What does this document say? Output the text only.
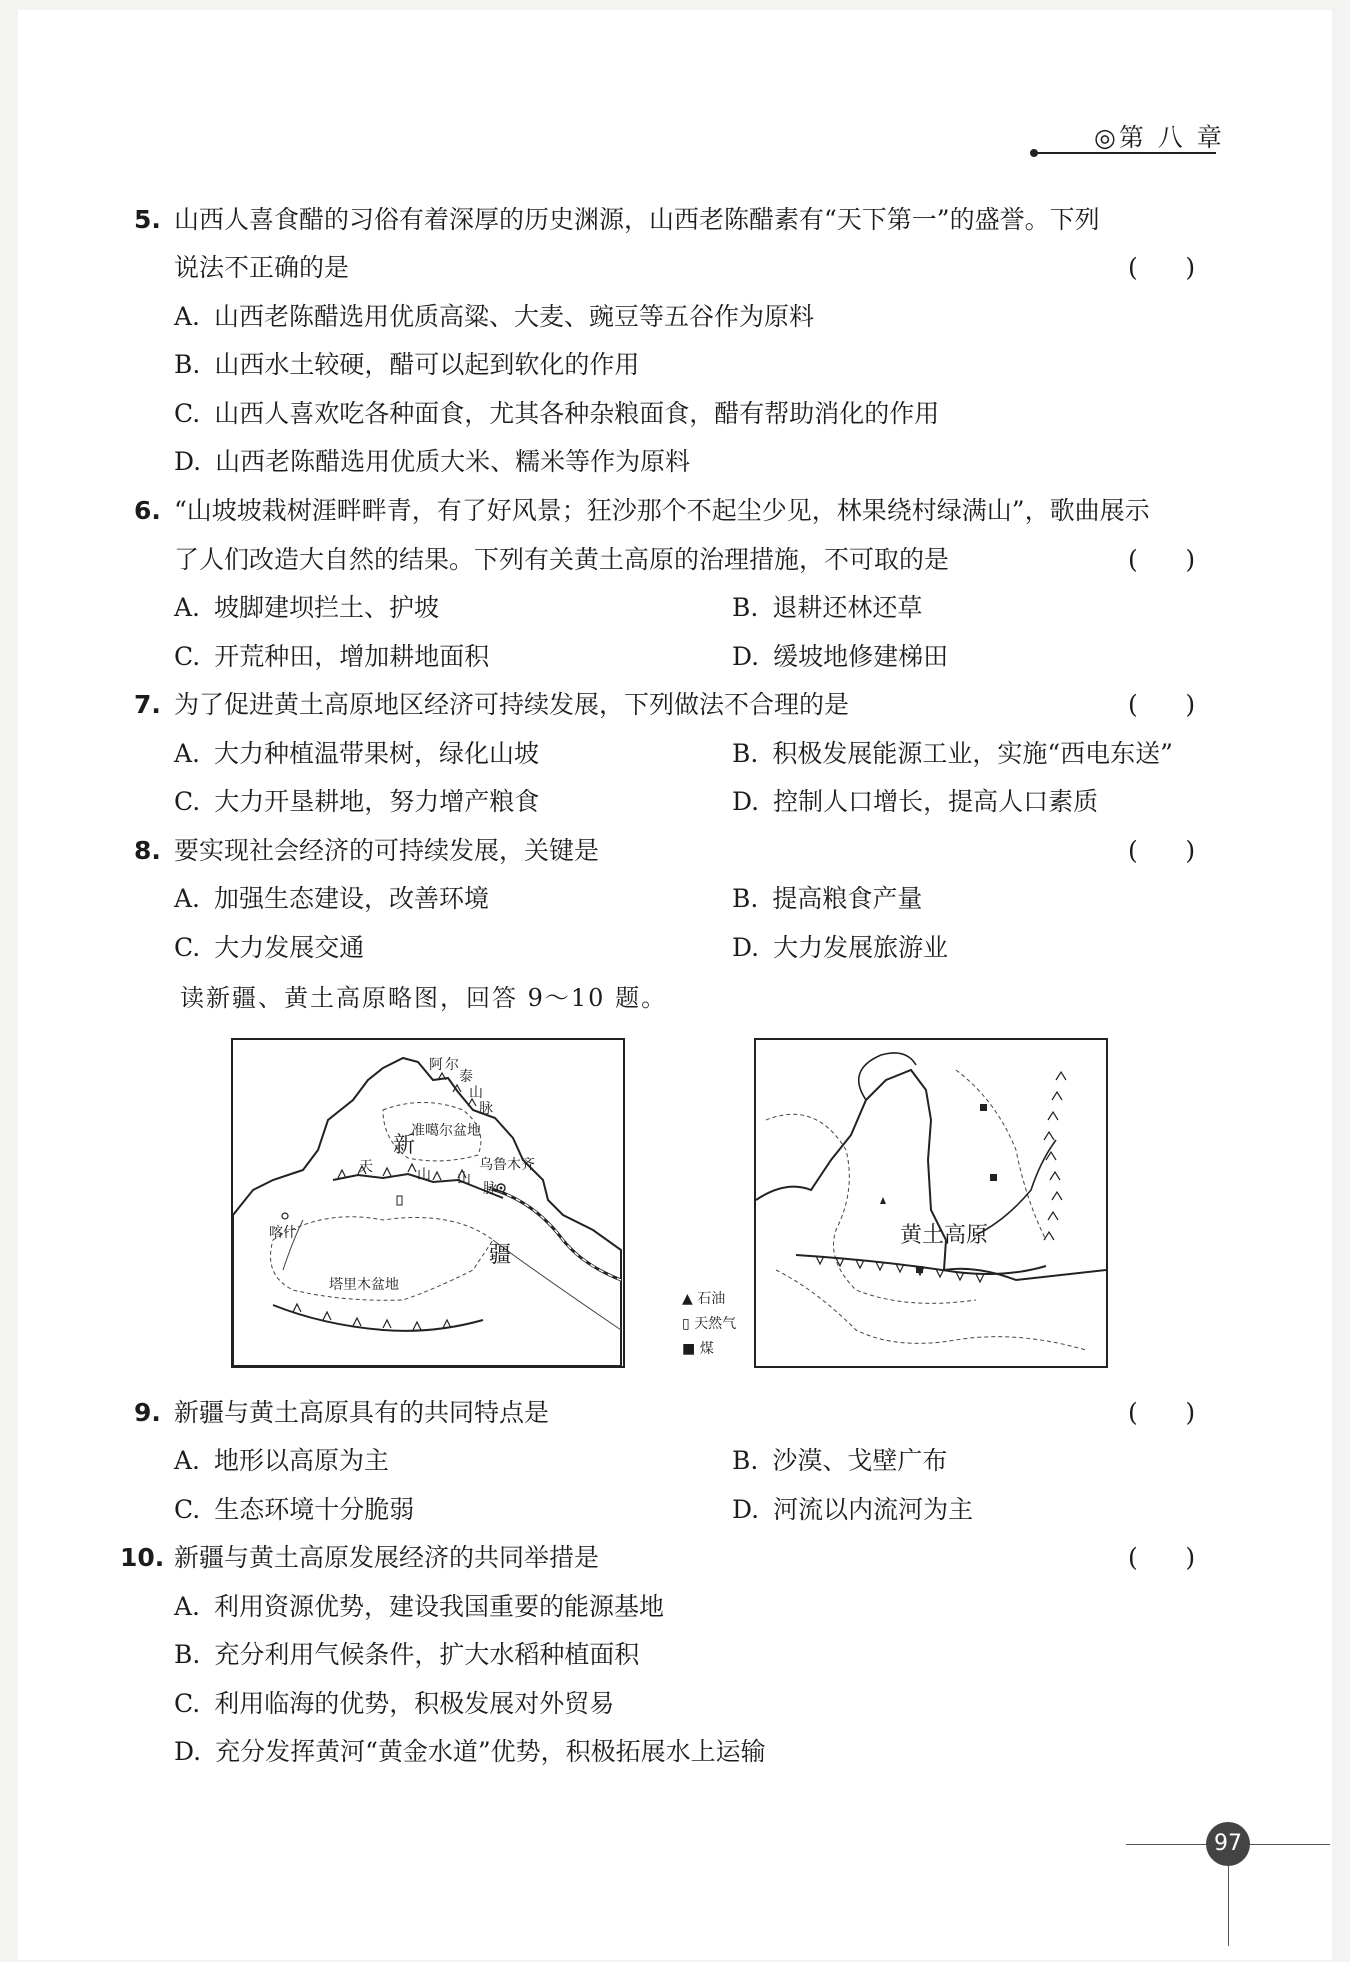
◎第 八 章
5. 山西人喜食醋的习俗有着深厚的历史渊源，山西老陈醋素有“天下第一”的盛誉。下列
说法不正确的是	(      )
A. 山西老陈醋选用优质高粱、大麦、豌豆等五谷作为原料
B. 山西水土较硬，醋可以起到软化的作用
C. 山西人喜欢吃各种面食，尤其各种杂粮面食，醋有帮助消化的作用
D. 山西老陈醋选用优质大米、糯米等作为原料
6. “山坡坡栽树涯畔畔青，有了好风景；狂沙那个不起尘少见，林果绕村绿满山”，歌曲展示
了人们改造大自然的结果。下列有关黄土高原的治理措施，不可取的是	(      )
A. 坡脚建坝拦土、护坡	B. 退耕还林还草
C. 开荒种田，增加耕地面积	D. 缓坡地修建梯田
7. 为了促进黄土高原地区经济可持续发展，下列做法不合理的是	(      )
A. 大力种植温带果树，绿化山坡	B. 积极发展能源工业，实施“西电东送”
C. 大力开垦耕地，努力增产粮食	D. 控制人口增长，提高人口素质
8. 要实现社会经济的可持续发展，关键是	(      )
A. 加强生态建设，改善环境	B. 提高粮食产量
C. 大力发展交通	D. 大力发展旅游业
读新疆、黄土高原略图，回答 9～10 题。
阿 尔
泰
山
脉
准噶尔盆地
新
天	山 山
脉
乌鲁木齐
喀什
疆
塔里木盆地
黄土高原
▲ 石油
▯ 天然气
■ 煤
9. 新疆与黄土高原具有的共同特点是	(      )
A. 地形以高原为主	B. 沙漠、戈壁广布
C. 生态环境十分脆弱	D. 河流以内流河为主
10. 新疆与黄土高原发展经济的共同举措是	(      )
A. 利用资源优势，建设我国重要的能源基地
B. 充分利用气候条件，扩大水稻种植面积
C. 利用临海的优势，积极发展对外贸易
D. 充分发挥黄河“黄金水道”优势，积极拓展水上运输
97
